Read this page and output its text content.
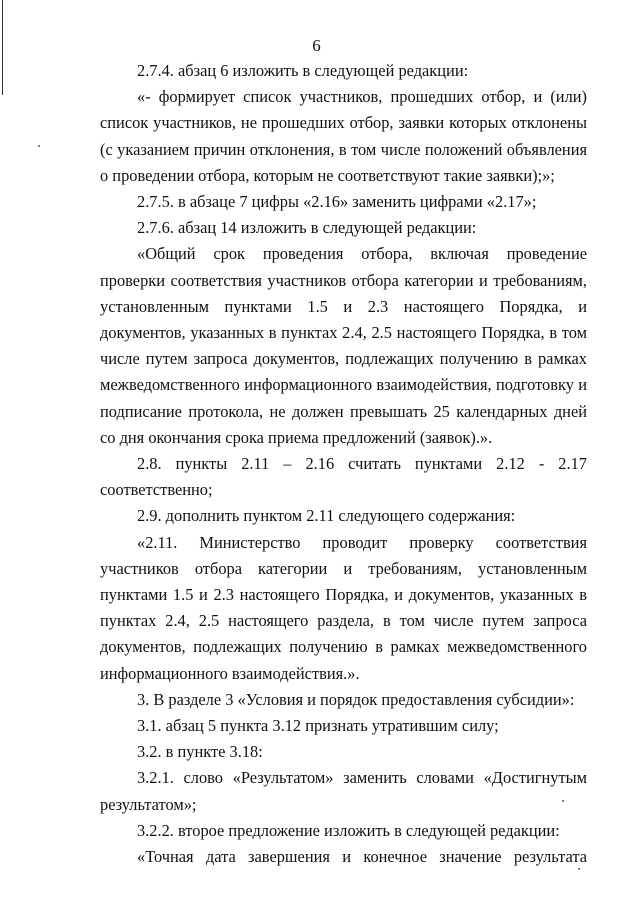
6

2.7.4. абзац 6 изложить в следующей редакции:

«- формирует список участников, прошедших отбор, и (или) список участников, не прошедших отбор, заявки которых отклонены (с указанием причин отклонения, в том числе положений объявления о проведении отбора, которым не соответствуют такие заявки);»;

2.7.5. в абзаце 7 цифры «2.16» заменить цифрами «2.17»;

2.7.6. абзац 14 изложить в следующей редакции:

«Общий срок проведения отбора, включая проведение проверки соответствия участников отбора категории и требованиям, установленным пунктами 1.5 и 2.3 настоящего Порядка, и документов, указанных в пунктах 2.4, 2.5 настоящего Порядка, в том числе путем запроса документов, подлежащих получению в рамках межведомственного информационного взаимодействия, подготовку и подписание протокола, не должен превышать 25 календарных дней со дня окончания срока приема предложений (заявок).».

2.8. пункты 2.11 – 2.16 считать пунктами 2.12 - 2.17 соответственно;

2.9. дополнить пунктом 2.11 следующего содержания:

«2.11. Министерство проводит проверку соответствия участников отбора категории и требованиям, установленным пунктами 1.5 и 2.3 настоящего Порядка, и документов, указанных в пунктах 2.4, 2.5 настоящего раздела, в том числе путем запроса документов, подлежащих получению в рамках межведомственного информационного взаимодействия.».

3. В разделе 3 «Условия и порядок предоставления субсидии»:

3.1. абзац 5 пункта 3.12 признать утратившим силу;

3.2. в пункте 3.18:

3.2.1. слово «Результатом» заменить словами «Достигнутым результатом»;

3.2.2. второе предложение изложить в следующей редакции:

«Точная дата завершения и конечное значение результата
